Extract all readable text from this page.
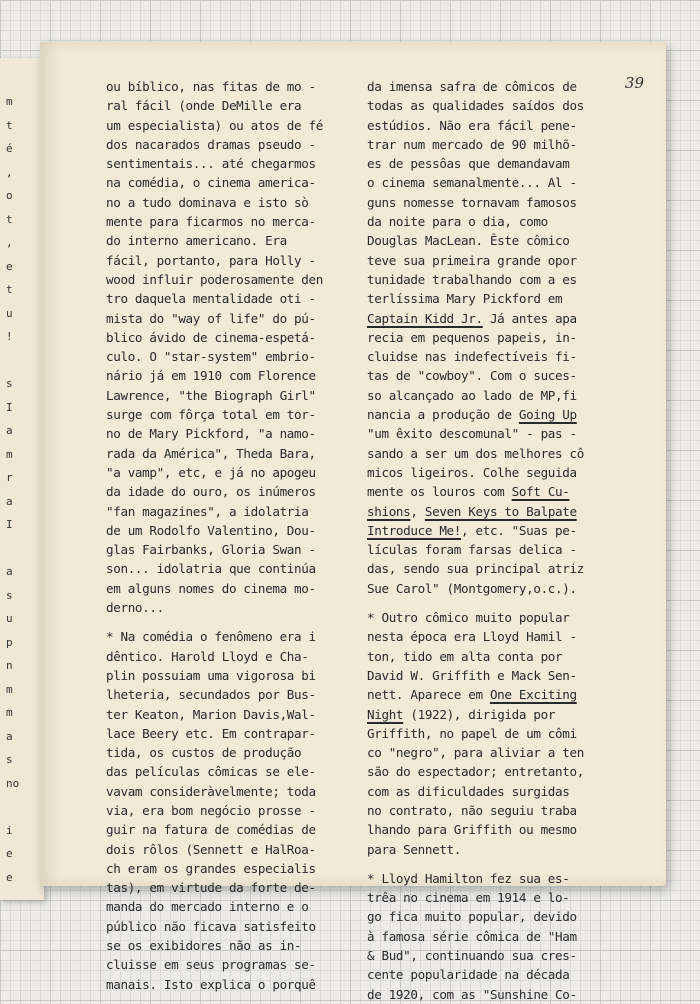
m
t
é
,
o
t
,
e
t
u
!
s
I
a
m
r
a
I
a
s
u
p
n
m
m
a
s
no
i
e
e
39
ou bíblico, nas fitas de mo -
ral fácil (onde DeMille era
um especialista) ou atos de fé
dos nacarados dramas pseudo -
sentimentais... até chegarmos
na comédia, o cinema america-
no a tudo dominava e isto sò
mente para ficarmos no merca-
do interno americano. Era
fácil, portanto, para Holly -
wood influir poderosamente den
tro daquela mentalidade oti -
mista do "way of life" do pú-
blico ávido de cinema-espetá-
culo. O "star-system" embrio-
nário já em 1910 com Florence
Lawrence, "the Biograph Girl"
surge com fôrça total em tor-
no de Mary Pickford, "a namo-
rada da América", Theda Bara,
"a vamp", etc, e já no apogeu
da idade do ouro, os inúmeros
"fan magazines", a idolatria
de um Rodolfo Valentino, Dou-
glas Fairbanks, Gloria Swan -
son... idolatria que continúa
em alguns nomes do cinema mo-
derno...
* Na comédia o fenômeno era i
dêntico. Harold Lloyd e Cha-
plin possuiam uma vigorosa bi
lheteria, secundados por Bus-
ter Keaton, Marion Davis,Wal-
lace Beery etc. Em contrapar-
tida, os custos de produção
das películas cômicas se ele-
vavam consideràvelmente; toda
via, era bom negócio prosse -
guir na fatura de comédias de
dois rôlos (Sennett e HalRoa-
ch eram os grandes especialis
tas), em virtude da forte de-
manda do mercado interno e o
público não ficava satisfeito
se os exibidores não as in-
cluisse em seus programas se-
manais. Isto explica o porquê
da imensa safra de cômicos de
todas as qualidades saídos dos
estúdios. Não era fácil pene-
trar num mercado de 90 milhõ-
es de pessôas que demandavam
o cinema semanalmente... Al -
guns nomesse tornavam famosos
da noite para o dia, como
Douglas MacLean. Êste cômico
teve sua primeira grande opor
tunidade trabalhando com a es
terlíssima Mary Pickford em
Captain Kidd Jr. Já antes apa
recia em pequenos papeis, in-
cluidse nas indefectíveis fi-
tas de "cowboy". Com o suces-
so alcançado ao lado de MP,fi
nancia a produção de Going Up
"um êxito descomunal" - pas -
sando a ser um dos melhores cô
micos ligeiros. Colhe seguida
mente os louros com Soft Cu-
shions, Seven Keys to Balpate
Introduce Me!, etc. "Suas pe-
lículas foram farsas delica -
das, sendo sua principal atriz
Sue Carol" (Montgomery,o.c.).
* Outro cômico muito popular
nesta época era Lloyd Hamil -
ton, tido em alta conta por
David W. Griffith e Mack Sen-
nett. Aparece em One Exciting
Night (1922), dirigida por
Griffith, no papel de um cômi
co "negro", para aliviar a ten
são do espectador; entretanto,
com as dificuldades surgidas
no contrato, não seguiu traba
lhando para Griffith ou mesmo
para Sennett.
* Lloyd Hamilton fez sua es-
trêa no cinema em 1914 e lo-
go fica muito popular, devido
à famosa série cômica de "Ham
& Bud", continuando sua cres-
cente popularidade na década
de 1920, com as "Sunshine Co-
